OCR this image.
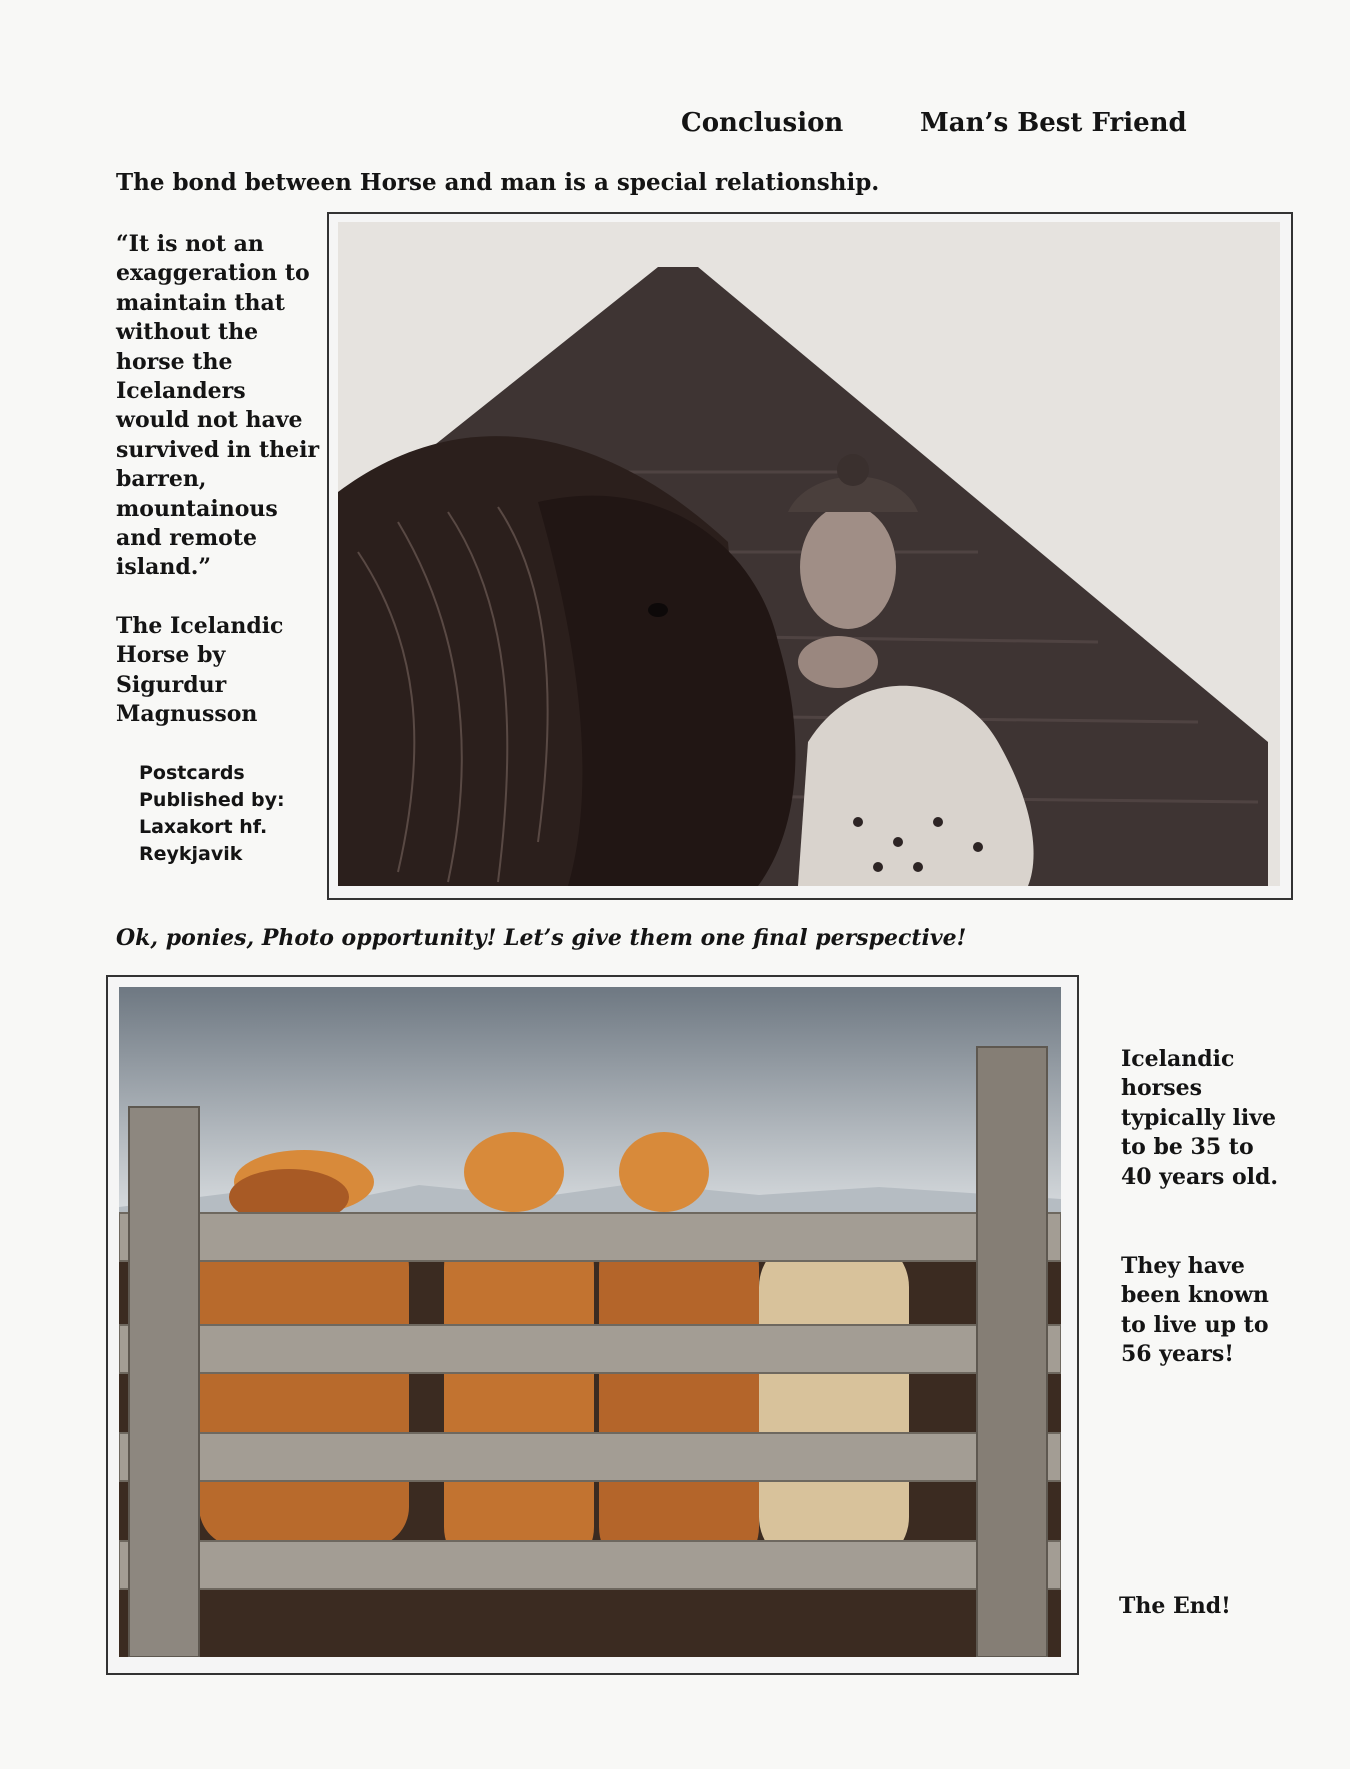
Conclusion	Man’s Best Friend
The bond between Horse and man is a special relationship.
“It is not an exaggeration to maintain that without the horse the Icelanders would not have survived in their barren, mountainous and remote island.”
The Icelandic Horse by Sigurdur Magnusson
Postcards Published by: Laxakort hf. Reykjavik
Ok, ponies, Photo opportunity! Let’s give them one final perspective!
Icelandic horses typically live to be 35 to 40 years old.
They have been known to live up to 56 years!
The End!
